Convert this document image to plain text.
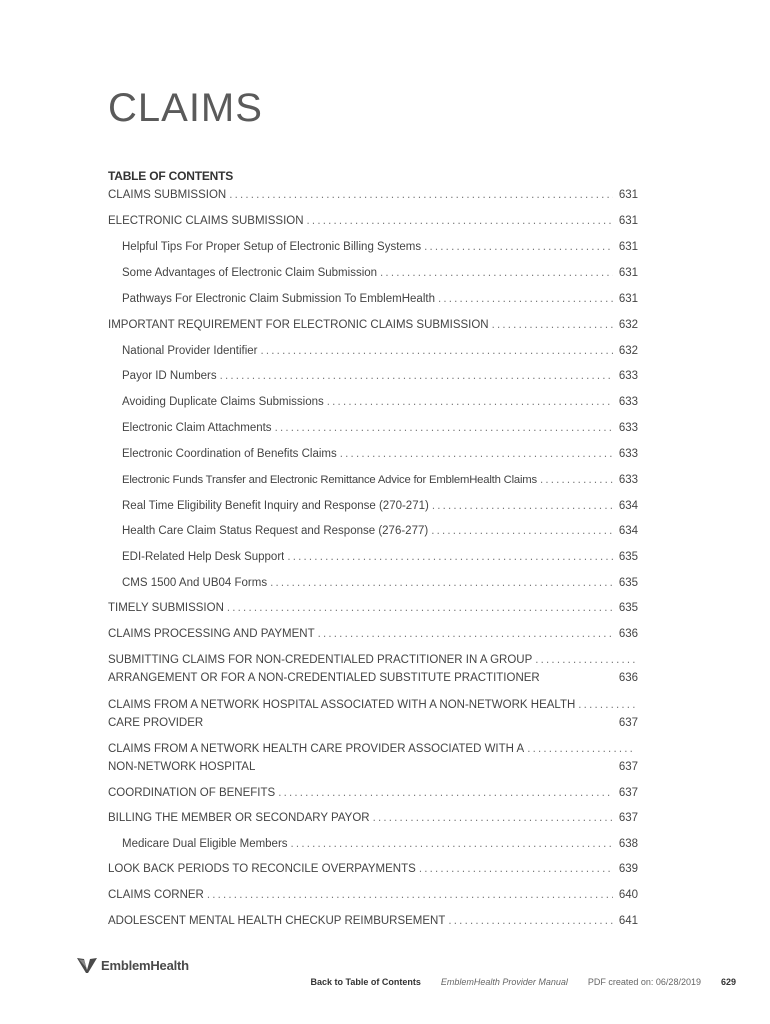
CLAIMS
TABLE OF CONTENTS
CLAIMS SUBMISSION . . .	631
ELECTRONIC CLAIMS SUBMISSION . . .	631
Helpful Tips For Proper Setup of Electronic Billing Systems . . .	631
Some Advantages of Electronic Claim Submission . . .	631
Pathways For Electronic Claim Submission To EmblemHealth . . .	631
IMPORTANT REQUIREMENT FOR ELECTRONIC CLAIMS SUBMISSION . . .	632
National Provider Identifier . . .	632
Payor ID Numbers . . .	633
Avoiding Duplicate Claims Submissions . . .	633
Electronic Claim Attachments . . .	633
Electronic Coordination of Benefits Claims . . .	633
Electronic Funds Transfer and Electronic Remittance Advice for EmblemHealth Claims . . .	633
Real Time Eligibility Benefit Inquiry and Response (270-271) . . .	634
Health Care Claim Status Request and Response (276-277) . . .	634
EDI-Related Help Desk Support . . .	635
CMS 1500 And UB04 Forms . . .	635
TIMELY SUBMISSION . . .	635
CLAIMS PROCESSING AND PAYMENT . . .	636
SUBMITTING CLAIMS FOR NON-CREDENTIALED PRACTITIONER IN A GROUP
. . .
ARRANGEMENT OR FOR A NON-CREDENTIALED SUBSTITUTE PRACTITIONER	636
CLAIMS FROM A NETWORK HOSPITAL ASSOCIATED WITH A NON-NETWORK HEALTH
. . .
CARE PROVIDER	637
CLAIMS FROM A NETWORK HEALTH CARE PROVIDER ASSOCIATED WITH A
. . .
NON-NETWORK HOSPITAL	637
COORDINATION OF BENEFITS . . .	637
BILLING THE MEMBER OR SECONDARY PAYOR . . .	637
Medicare Dual Eligible Members . . .	638
LOOK BACK PERIODS TO RECONCILE OVERPAYMENTS . . .	639
CLAIMS CORNER . . .	640
ADOLESCENT MENTAL HEALTH CHECKUP REIMBURSEMENT . . .	641
EmblemHealth
Back to Table of Contents EmblemHealth Provider Manual PDF created on: 06/28/2019 629
